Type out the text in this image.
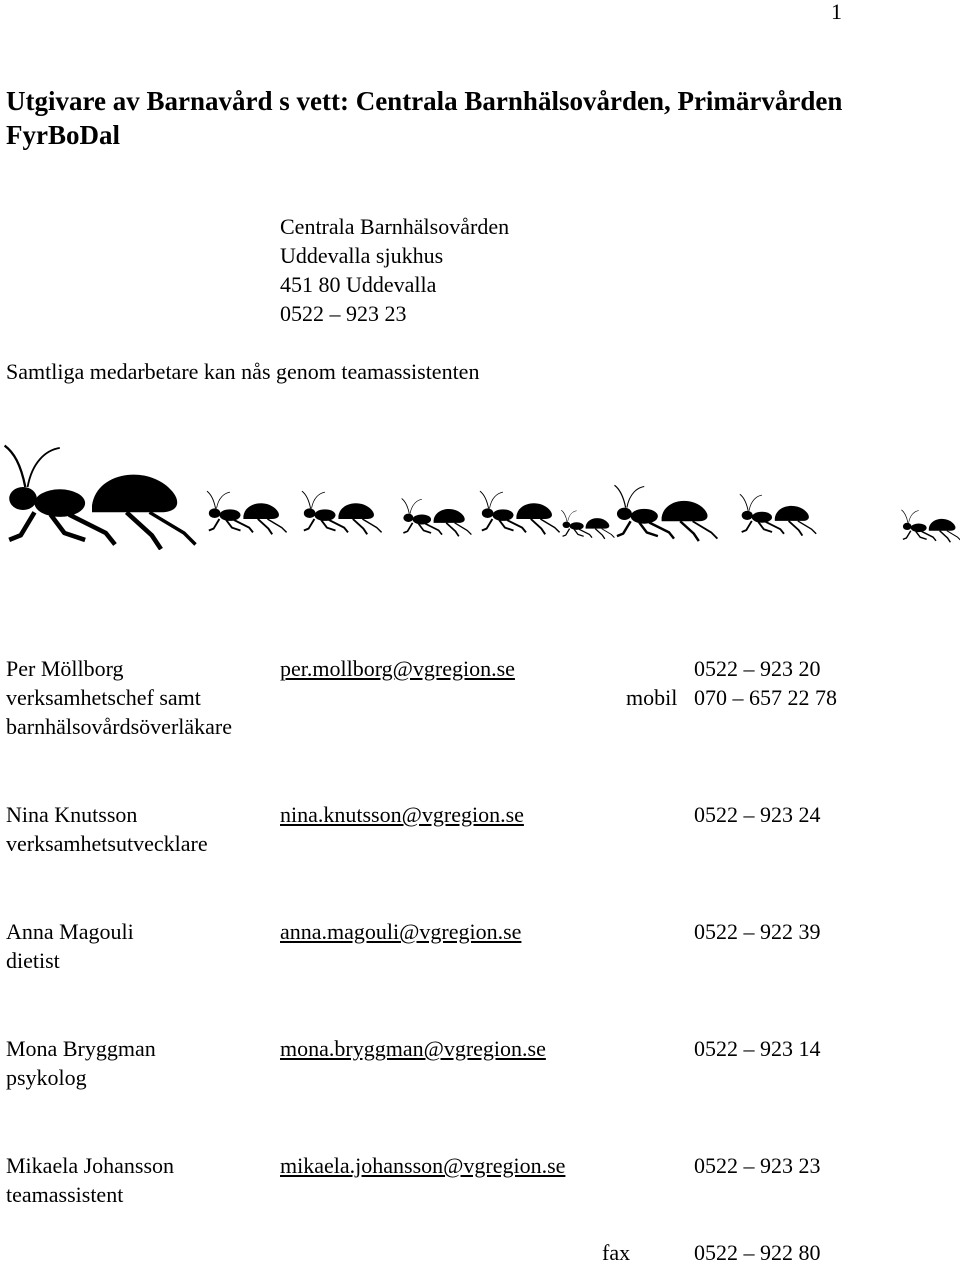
1
Utgivare av Barnavård s vett: Centrala Barnhälsovården, Primärvården FyrBoDal
Centrala Barnhälsovården
Uddevalla sjukhus
451 80 Uddevalla
0522 – 923 23
Samtliga medarbetare kan nås genom teamassistenten
Per Möllborg	per.mollborg@vgregion.se	0522 – 923 20
verksamhetschef samt	mobil 070 – 657 22 78
barnhälsovårdsöverläkare
Nina Knutsson	nina.knutsson@vgregion.se	0522 – 923 24
verksamhetsutvecklare
Anna Magouli	anna.magouli@vgregion.se	0522 – 922 39
dietist
Mona Bryggman	mona.bryggman@vgregion.se	0522 – 923 14
psykolog
Mikaela Johansson	mikaela.johansson@vgregion.se	0522 – 923 23
teamassistent
fax	0522 – 922 80
